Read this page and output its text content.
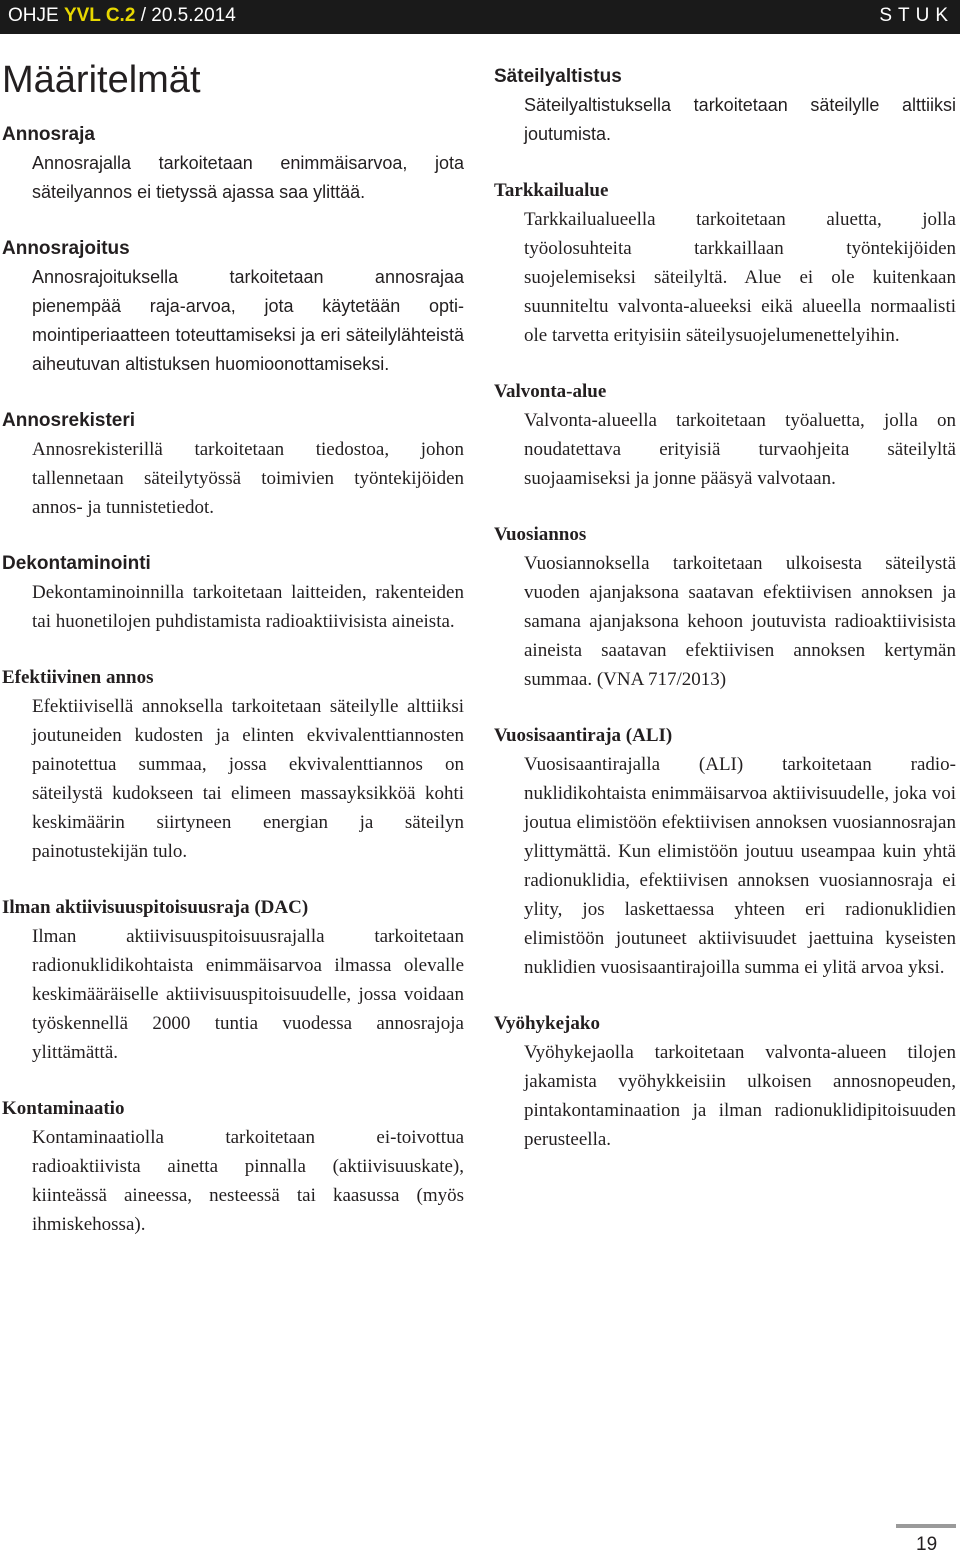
OHJE YVL C.2 / 20.5.2014	STUK
Määritelmät

Annosraja

Annosrajalla tarkoitetaan enimmäisarvoa, jota säteilyannos ei tietyssä ajassa saa ylittää.

Annosrajoitus

Annosrajoituksella tarkoitetaan annosrajaa pienempää raja-arvoa, jota käytetään optimointiperiaatteen toteuttamiseksi ja eri säteilylähteistä aiheutuvan altistuksen huomioonottamiseksi.

Annosrekisteri

Annosrekisterillä tarkoitetaan tiedostoa, johon tallennetaan säteilytyössä toimivien työntekijöiden annos- ja tunnistetiedot.

Dekontaminointi

Dekontaminoinnilla tarkoitetaan laitteiden, rakenteiden tai huonetilojen puhdistamista radioaktiivisista aineista.

Efektiivinen annos

Efektiivisellä annoksella tarkoitetaan säteilylle alttiiksi joutuneiden kudosten ja elinten ekvivalenttiannosten painotettua summaa, jossa ekvivalenttiannos on säteilystä kudokseen tai elimeen massayksikköä kohti keskimäärin siirtyneen energian ja säteilyn painotustekijän tulo.

Ilman aktiivisuuspitoisuusraja (DAC)

Ilman aktiivisuuspitoisuusrajalla tarkoitetaan radionuklidikohtaista enimmäisarvoa ilmassa olevalle keskimääräiselle aktiivisuuspitoisuudelle, jossa voidaan työskennellä 2000 tuntia vuodessa annosrajoja ylittämättä.

Kontaminaatio

Kontaminaatiolla tarkoitetaan ei-toivottua radioaktiivista ainetta pinnalla (aktiivisuuskate), kiinteässä aineessa, nesteessä tai kaasussa (myös ihmiskehossa).

Säteilyaltistus

Säteilyaltistuksella tarkoitetaan säteilylle alttiiksi joutumista.

Tarkkailualue

Tarkkailualueella tarkoitetaan aluetta, jolla työolosuhteita tarkkaillaan työntekijöiden suojelemiseksi säteilyltä. Alue ei ole kuitenkaan suunniteltu valvonta-alueeksi eikä alueella normaalisti ole tarvetta erityisiin säteilysuojelumenettelyihin.

Valvonta-alue

Valvonta-alueella tarkoitetaan työaluetta, jolla on noudatettava erityisiä turvaohjeita säteilyltä suojaamiseksi ja jonne pääsyä valvotaan.

Vuosiannos

Vuosiannoksella tarkoitetaan ulkoisesta säteilystä vuoden ajanjaksona saatavan efektiivisen annoksen ja samana ajanjaksona kehoon joutuvista radioaktiivisista aineista saatavan efektiivisen annoksen kertymän summaa. (VNA 717/2013)

Vuosisaantiraja (ALI)

Vuosisaantirajalla (ALI) tarkoitetaan radionuklidikohtaista enimmäisarvoa aktiivisuudelle, joka voi joutua elimistöön efektiivisen annoksen vuosiannosrajan ylittymättä. Kun elimistöön joutuu useampaa kuin yhtä radionuklidia, efektiivisen annoksen vuosiannosraja ei ylity, jos laskettaessa yhteen eri radionuklidien elimistöön joutuneet aktiivisuudet jaettuina kyseisten nuklidien vuosisaantirajoilla summa ei ylitä arvoa yksi.

Vyöhykejako

Vyöhykejaolla tarkoitetaan valvonta-alueen tilojen jakamista vyöhykkeisiin ulkoisen annosnopeuden, pintakontaminaation ja ilman radionuklidipitoisuuden perusteella.

19
